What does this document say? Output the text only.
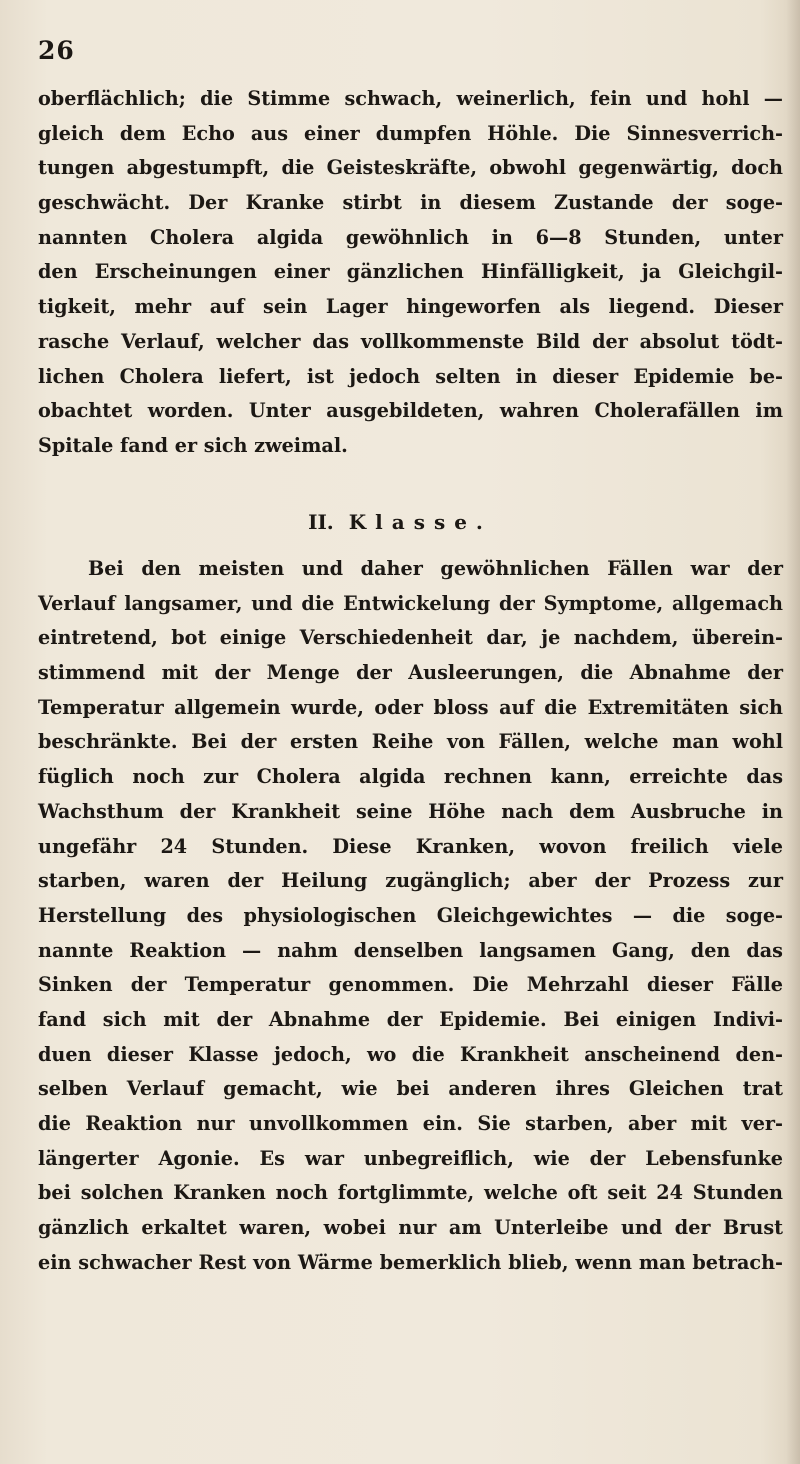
26
oberflächlich; die Stimme schwach, weinerlich, fein und hohl —
gleich dem Echo aus einer dumpfen Höhle. Die Sinnesverrich-
tungen abgestumpft, die Geisteskräfte, obwohl gegenwärtig, doch
geschwächt. Der Kranke stirbt in diesem Zustande der soge-
nannten Cholera algida gewöhnlich in 6—8 Stunden, unter
den Erscheinungen einer gänzlichen Hinfälligkeit, ja Gleichgil-
tigkeit, mehr auf sein Lager hingeworfen als liegend. Dieser
rasche Verlauf, welcher das vollkommenste Bild der absolut tödt-
lichen Cholera liefert, ist jedoch selten in dieser Epidemie be-
obachtet worden. Unter ausgebildeten, wahren Cholerafällen im
Spitale fand er sich zweimal.
II. Klasse.
Bei den meisten und daher gewöhnlichen Fällen war der
Verlauf langsamer, und die Entwickelung der Symptome, allgemach
eintretend, bot einige Verschiedenheit dar, je nachdem, überein-
stimmend mit der Menge der Ausleerungen, die Abnahme der
Temperatur allgemein wurde, oder bloss auf die Extremitäten sich
beschränkte. Bei der ersten Reihe von Fällen, welche man wohl
füglich noch zur Cholera algida rechnen kann, erreichte das
Wachsthum der Krankheit seine Höhe nach dem Ausbruche in
ungefähr 24 Stunden. Diese Kranken, wovon freilich viele
starben, waren der Heilung zugänglich; aber der Prozess zur
Herstellung des physiologischen Gleichgewichtes — die soge-
nannte Reaktion — nahm denselben langsamen Gang, den das
Sinken der Temperatur genommen. Die Mehrzahl dieser Fälle
fand sich mit der Abnahme der Epidemie. Bei einigen Indivi-
duen dieser Klasse jedoch, wo die Krankheit anscheinend den-
selben Verlauf gemacht, wie bei anderen ihres Gleichen trat
die Reaktion nur unvollkommen ein. Sie starben, aber mit ver-
längerter Agonie. Es war unbegreiflich, wie der Lebensfunke
bei solchen Kranken noch fortglimmte, welche oft seit 24 Stunden
gänzlich erkaltet waren, wobei nur am Unterleibe und der Brust
ein schwacher Rest von Wärme bemerklich blieb, wenn man betrach-
